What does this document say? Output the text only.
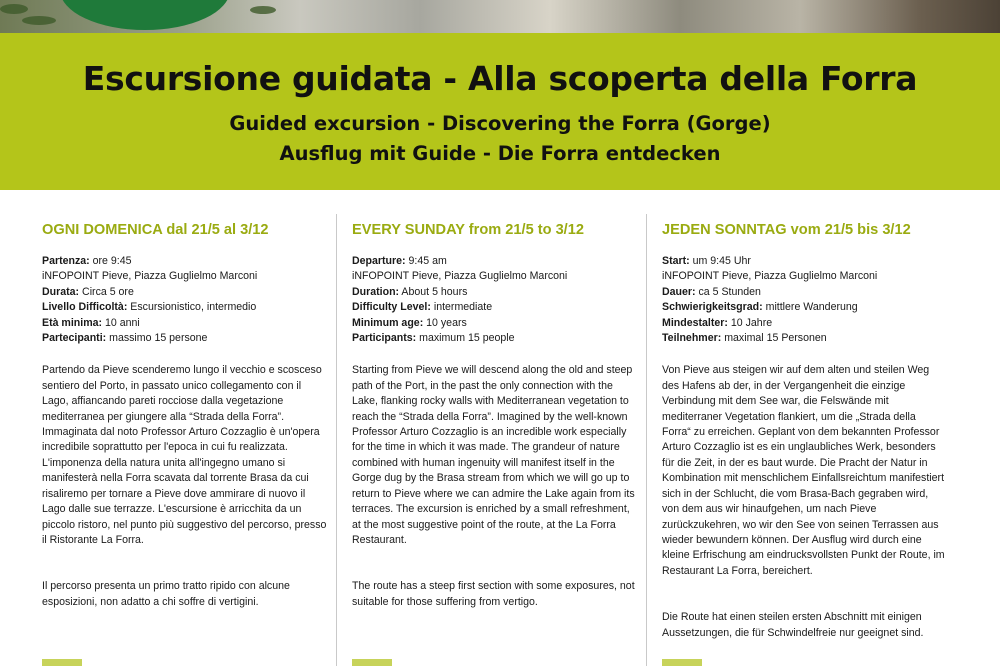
Escursione guidata - Alla scoperta della Forra
Guided excursion - Discovering the Forra (Gorge)
Ausflug mit Guide - Die Forra entdecken
OGNI DOMENICA dal 21/5 al 3/12

Partenza: ore 9:45

iNFOPOINT Pieve, Piazza Guglielmo Marconi

Durata: Circa 5 ore

Livello Difficoltà: Escursionistico, intermedio

Età minima: 10 anni

Partecipanti: massimo 15 persone

Partendo da Pieve scenderemo lungo il vecchio e scosceso sentiero del Porto, in passato unico collegamento con il Lago, affiancando pareti rocciose dalla vegetazione mediterranea per giungere alla “Strada della Forra”. Immaginata dal noto Professor Arturo Cozzaglio è un'opera incredibile soprattutto per l'epoca in cui fu realizzata. L'imponenza della natura unita all'ingegno umano si manifesterà nella Forra scavata dal torrente Brasa da cui risaliremo per tornare a Pieve dove ammirare di nuovo il Lago dalle sue terrazze. L'escursione è arricchita da un piccolo ristoro, nel punto più suggestivo del percorso, presso il Ristorante La Forra.

Il percorso presenta un primo tratto ripido con alcune esposizioni, non adatto a chi soffre di vertigini.

EVERY SUNDAY from 21/5 to 3/12

Departure: 9:45 am

iNFOPOINT Pieve, Piazza Guglielmo Marconi

Duration: About 5 hours

Difficulty Level: intermediate

Minimum age: 10 years

Participants: maximum 15 people

Starting from Pieve we will descend along the old and steep path of the Port, in the past the only connection with the Lake, flanking rocky walls with Mediterranean vegetation to reach the “Strada della Forra”. Imagined by the well-known Professor Arturo Cozzaglio is an incredible work especially for the time in which it was made. The grandeur of nature combined with human ingenuity will manifest itself in the Gorge dug by the Brasa stream from which we will go up to return to Pieve where we can admire the Lake again from its terraces. The excursion is enriched by a small refreshment, at the most suggestive point of the route, at the La Forra Restaurant.

The route has a steep first section with some exposures, not suitable for those suffering from vertigo.

JEDEN SONNTAG vom 21/5 bis 3/12

Start: um 9:45 Uhr

iNFOPOINT Pieve, Piazza Guglielmo Marconi

Dauer: ca 5 Stunden

Schwierigkeitsgrad: mittlere Wanderung

Mindestalter: 10 Jahre

Teilnehmer: maximal 15 Personen

Von Pieve aus steigen wir auf dem alten und steilen Weg des Hafens ab der, in der Vergangenheit die einzige Verbindung mit dem See war, die Felswände mit mediterraner Vegetation flankiert, um die „Strada della Forra“ zu erreichen. Geplant von dem bekannten Professor Arturo Cozzaglio ist es ein unglaubliches Werk, besonders für die Zeit, in der es baut wurde. Die Pracht der Natur in Kombination mit menschlichem Einfallsreichtum manifestiert sich in der Schlucht, die vom Brasa-Bach gegraben wird, von dem aus wir hinaufgehen, um nach Pieve zurückzukehren, wo wir den See von seinen Terrassen aus wieder bewundern können. Der Ausflug wird durch eine kleine Erfrischung am eindrucksvollsten Punkt der Route, im Restaurant La Forra, bereichert.

Die Route hat einen steilen ersten Abschnitt mit einigen Aussetzungen, die für Schwindelfreie nur geeignet sind.
